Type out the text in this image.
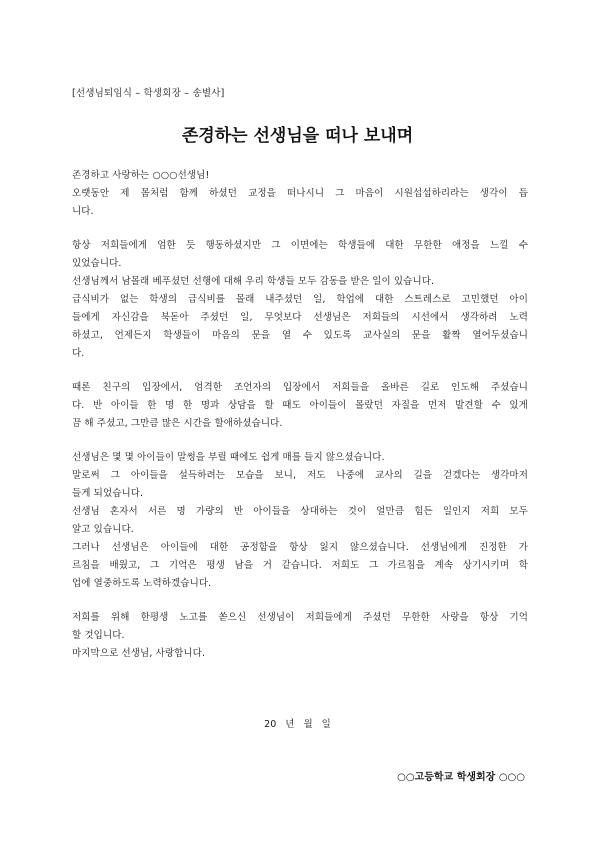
[선생님퇴임식 – 학생회장 – 송별사]
존경하는 선생님을 떠나 보내며
존경하고 사랑하는 ○○○선생님!
오랫동안 제 몸처럼 함께 하셨던 교정을 떠나시니 그 마음이 시원섭섭하리라는 생각이 듭
니다.
항상 저희들에게 엄한 듯 행동하셨지만 그 이면에는 학생들에 대한 무한한 애정을 느낄 수
있었습니다.
선생님께서 남몰래 베푸셨던 선행에 대해 우리 학생들 모두 감동을 받은 일이 있습니다.
급식비가 없는 학생의 급식비를 몰래 내주셨던 일, 학업에 대한 스트레스로 고민했던 아이
들에게 자신감을 북돋아 주셨던 일, 무엇보다 선생님은 저희들의 시선에서 생각하려 노력
하셨고, 언제든지 학생들이 마음의 문을 열 수 있도록 교사실의 문을 활짝 열어두셨습니
다.
때론 친구의 입장에서, 엄격한 조언자의 입장에서 저희들을 올바른 길로 인도해 주셨습니
다. 반 아이들 한 명 한 명과 상담을 할 때도 아이들이 몰랐던 자질을 먼저 발견할 수 있게
끔 해 주셨고, 그만큼 많은 시간을 할애하셨습니다.
선생님은 몇 몇 아이들이 말썽을 부릴 때에도 쉽게 매를 들지 않으셨습니다.
말로써 그 아이들을 설득하려는 모습을 보니, 저도 나중에 교사의 길을 걷겠다는 생각마저
들게 되었습니다.
선생님 혼자서 서른 명 가량의 반 아이들을 상대하는 것이 얼만큼 힘든 일인지 저희 모두
알고 있습니다.
그러나 선생님은 아이들에 대한 공정함을 항상 잃지 않으셨습니다. 선생님에게 진정한 가
르침을 배웠고, 그 기억은 평생 남을 거 같습니다. 저희도 그 가르침을 계속 상기시키며 학
업에 열중하도록 노력하겠습니다.
저희를 위해 한평생 노고를 쏟으신 선생님이 저희들에게 주셨던 무한한 사랑을 항상 기억
할 것입니다.
마지막으로 선생님, 사랑합니다.
20 년 월 일
○○고등학교 학생회장 ○○○
